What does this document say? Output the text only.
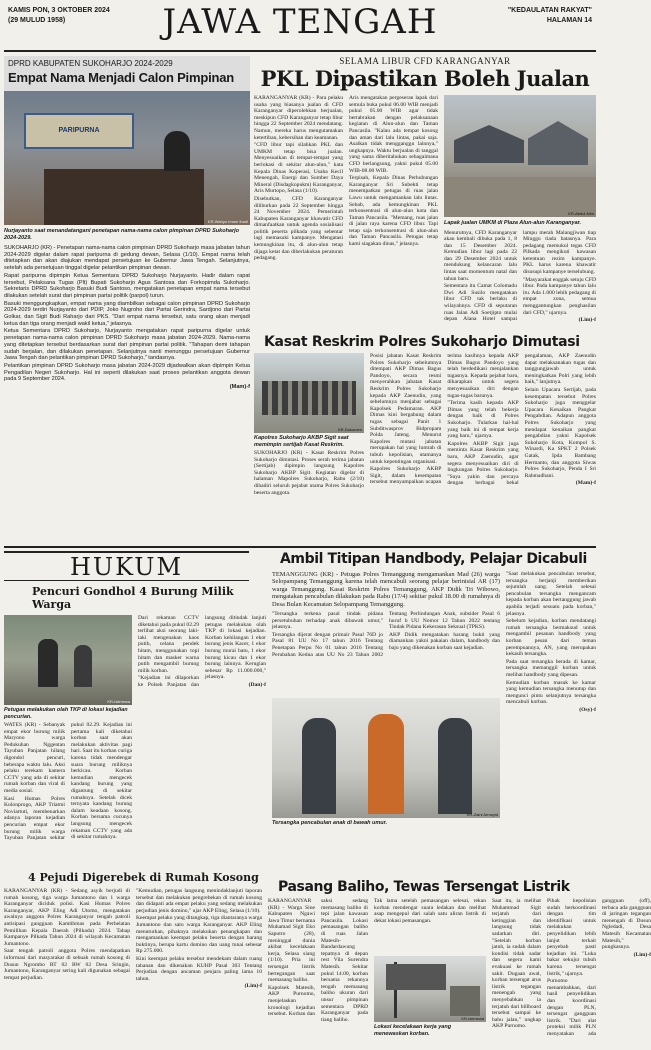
KAMIS PON, 3 OKTOBER 2024
(29 MULUD 1958)	JAWA TENGAH	"KEDAULATAN RAKYAT"
HALAMAN 14
DPRD KABUPATEN SUKOHARJO 2024-2029
Empat Nama Menjadi Calon Pimpinan
PARIPURNA
KR-Wahyu Imam Ibadi
Nurjayanto saat menandatangani penetapan nama-nama calon pimpinan DPRD Sukoharjo 2024-2029.

SUKOHARJO (KR) - Penetapan nama-nama calon pimpinan DPRD Sukoharjo masa jabatan tahun 2024-2029 digelar dalam rapat paripurna di gedung dewan, Selasa (1/10). Empat nama telah ditetapkan dan akan diajukan mendapat persetujuan ke Gubernur Jawa Tengah. Selanjutnya, setelah ada persetujuan tinggal digelar pelantikan pimpinan dewan.

Rapat paripurna dipimpin Ketua Sementara DPRD Sukoharjo Nurjayanto. Hadir dalam rapat tersebut, Pelaksana Tugas (Plt) Bupati Sukoharjo Agus Santosa dan Forkopimda Sukoharjo. Sekretaris DPRD Sukoharjo Basuki Budi Santoso, mengatakan penetapan empat nama tersebut dilakukan setelah surat dari pimpinan partai politik (parpol) turun.

Basuki menggungkapkan, empat nama yang diambilkan sebagai calon pimpinan DPRD Sukoharjo 2024-2029 terdiri Nurjayanto dari PDIP, Joko Nugroho dari Partai Gerindra, Sardjono dari Partai Golkar, dan Sigit Budi Raharjo dari PKS. "Dari empat nama tersebut, satu orang akan menjadi ketua dan tiga orang menjadi wakil ketua," jelasnya.

Ketua Sementara DPRD Sukoharjo, Nurjayanto mengatakan rapat paripurna digelar untuk penetapan nama-nama calon pimpinan DPRD Sukoharjo masa jabatan 2024-2029. Nama-nama yang ditetapkan tersebut berdasarkan surat dari pimpinan partai politik. "Tahapan demi tahapan sudah berjalan, dan dilakukan penetapan. Selanjutnya nanti menunggu persetujuan Gubernur Jawa Tengah dan pelantikan pimpinan DPRD Sukoharjo," tandasnya.

Pelantikan pimpinan DPRD Sukoharjo masa jabatan 2024-2029 dijadwalkan akan dipimpin Ketua Pengadilan Negeri Sukoharjo. Hal ini seperti dilakukan saat proses pelantikan anggota dewan pada 9 September 2024.

(Mam)-f

SELAMA LIBUR CFD KARANGANYAR
PKL Dipastikan Boleh Jualan

KARANGANYAR (KR) - Para pelaku usaha yang biasanya jualan di CFD Karanganyar diperolehkan berjualan, meskipun CFD Karanganyar tetap libur hingga 22 September 2024 mendatang. Namun, mereka harus mengutamakan ketertiban, kebersihan dan keamanan.

"CFD libur tapi silahkan PKL dan UMKM tetap bisa jualan. Menyesuaikan di tempat-tempat yang berlokasi di sekitar alun-alun," kata Kepala Dinas Koperasi, Usaha Kecil Menengah, Energi dan Sumber Daya Mineral (Disdagkopukm) Karanganyar, Aris Murtopo, Selasa (1/10).

Disebutkan, CFD Karanganyar diliburkan pada 22 September hingga 24 November 2024. Pemerintah Kabupaten Karanganyar khawatir CFD dimanfaatkan untuk agenda sosialisasi politik peserta pilkada yang sebentar lagi memasuki kampanye. Mengatasi kemungkinan itu, di alun-alun tetap dijaga ketat dan diberlakukan peraturan pedagang.

Aris mengatakan pergeseran lapak dari semula buka pukul 06.00 WIB menjadi pukul 05.00 WIB agar tidak bertabrakan dengan pelaksanaan kegiatan di Alun-alun dan Taman Pancasila. "Kalau ada tempat kosong dan aman dari lalu lintas, pakai saja. Asalkan tidak mengganggu lainnya," ungkapnya. Waktu berjualan di tanggal yang sama diberitahukan sebagaimana CFD berlangsung, yakni pukul 05.00 WIB-08.00 WIB.

Terpisah, Kepala Dinas Perhubungan Karanganyar Sri Subekti tetap menempatkan petugas di ruas jalan Lawu untuk mengamankan lalu lintas. Sebab, ada kemungkinan PKL terkonsentrasi di alun-alun kota dan Taman Pancasila. "Memang, ruas jalan di jalan raya karena CFD libur. Tapi tetap saja terkonsentrasi di alun-alun dan Taman Pancasila. Petugas tetap kami siagakan dinas," jelasnya.

KR-Abdul Alim
Lapak jualan UMKM di Plaza Alun-alun Karanganyar.

Menurutnya, CFD Karanganyar akan kembali dibuka pada 1, 8 dan 15 Desember 2024. Kemudian libur lagi pada 22 dan 29 Desember 2024 untuk mendukung kelancaran lalu lintas saat momentum natal dan tahun baru.

Sementara itu Camat Colomadu Dwi Adi Susilo mengatakan libur CFD tak berlaku di wilayahnya. CFD di seputaran ruas Jalan Adi Soetjipto mulai depan Alana Hotel sampai lampu merah Malangjiwan tiap Minggu tiada batasnya. Para pedagang memukul tegas CFD Pilkada mengikuti kawasan ketentuan rezim kampanye. PKL harus karena khawatir disusupi kampanye terselubung.

"Masyarakat enggak setuju CFD libur. Pada kampanye tahun lalu itu. Ada 1.000 lebih pedagang di empat zona, semua menggantungkan penghasilan dari CFD," ujarnya.

(Lim)-f

Kasat Reskrim Polres Sukoharjo Dimutasi
KR-Dokumen
Kapolres Sukoharjo AKBP Sigit saat memimpin sertijab Kasat Reskrim.

SUKOHARJO (KR) - Kasat Reskrim Polres Sukoharjo dimutasi. Proses serah terima jabatan (Sertijab) dipimpin langsung Kapolres Sukoharjo AKBP Sigit. Kegiatan digelar di halaman Mapolres Sukoharjo, Rabu (2/10) dihadiri seluruh pejabat utama Polres Sukoharjo beserta anggota.

Posisi jabatan Kasat Reskrim Polres Sukoharjo sebelumnya ditempati AKP Dimas Bagus Pandoyo, secara resmi menyerahkan jabatan Kasat Reskrim Polres Sukoharjo kepada AKP Zaenudin, yang sebelumnya menjabat sebagai Kapolsek Pedamaran. AKP Dimas kini bergabung dalam tugas sebagai Panit 1 Subditwasprov Bidpropam Polda Jateng. Menurut Kapolres mutasi jabatan merupakan hal yang lumrah di tubuh kepolisian, utamanya untuk kepentingan organisasi.

Kapolres Sukoharjo AKBP Sigit, dalam kesempatan tersebut menyampaikan ucapan terima kasihnya kepada AKP Dimas Bagus Pandoyo yang telah berdedikasi menjalankan tugasnya. Kepada pejabat baru, diharapkan untuk segera menyesuaikan diri dengan tugas-tugas barunya.

"Terima kasih kepada AKP Dimas yang telah bekerja dengan baik di Polres Sukoharjo. Tularkan hal-hal yang baik ini di tempat kerja yang baru," ujarnya.

Kapolres AKBP Sigit juga meminta Kasat Reskrim yang baru, AKP Zaenudin, agar segera menyesuaikan diri di lingkungan Polres Sukoharjo. "Saya yakin dan percaya dengan berbagai bekal pengalaman, AKP Zaenudin dapat melaksanakan tugas dan tanggungjawab untuk meningkatkan Polri yang lebih baik," lanjutnya.

Selain Upacara Sertijab, pada kesempatan tersebut Polres Sukoharjo juga menggelar Upacara Kenaikan Pangkat Pengabdian. Adapun anggota Polres Sukoharjo yang mendapat kenaikan pangkat pengabdian yakni Kapolsek Sukoharjo Kota, Kompol S. Winardi, Ka SPKT 2 Polsek Gatak, Ipda Bambang Hermanto, dan anggota Siwas Polres Sukoharjo, Penda I Sri Rahmadhani.

(Mam)-f

HUKUM
Pencuri Gondhol 4 Burung Milik Warga
KR-Istimewa
Petugas melakukan olah TKP di lokasi kejadian pencurian.

WATES (KR) - Sebanyak empat ekor burung milik Maryono warga Pedukuhan Nggentan Tayuban Panjatan hilang digondol pencuri, beberapa waktu lalu. Aksi pelaku terekam kamera CCTV yang ada di sekitar rumah korban dan viral di media sosial.

Kasi Humas Polres Kulonprogo, AKP Triatmi Noviartuti, membenarkan adanya laporan kejadian pencurian empat ekor burung milik warga Tayuban Panjatan sekitar pukul 02.29. Kejadian ini pertama kali diketahui korban saat akan melakukan aktivitas pagi hari. Saat itu korban curiga karena tidak mendengar suara burung miliknya berkicau. Korban kemudian mengecek kandang burung yang digantung di sekitar rumahnya. Setelah dicek ternyata kandang burung dalam keadaan kosong. Korban bersama cucunya langsung mengecek rekaman CCTV yang ada di sekitar rumahnya.

Dari rekaman CCTV diketahui pada pukul 02.29 terlihat aksi seorang laki-laki mengenakan kaos putih, celana pendek hitam, menggunakan topi hitam dan masker warna putih mengambil burung milik korban.

"Kejadian ini dilaporkan ke Polsek Panjatan dan langsung ditindak lanjuti petugas melakukan olah TKP di lokasi kejadian. Korban kehilangan 1 ekor burung jenis Kacer, 1 ekor burung murai batu, 1 ekor burung kicau dan 1 ekor burung lainnya. Kerugian sebesar Rp 11.000.000," jelasnya.

(Dan)-f

Ambil Titipan Handbody, Pelajar Dicabuli

TEMANGGUNG (KR) - Petugas Polres Temanggung mengamankan Mad (26) warga Selopampang Temanggung karena telah mencabuli seorang pelajar berinisial AR (17) warga Temanggung. Kasat Reskrim Polres Temanggung, AKP Didik Tri Wibowo, mengatakan pencabulan dilakukan pada Rabu (17/4) sekitar pukul 18.00 di rumahnya di Desa Bulan Kecamatan Selopampang Temanggung.

"Tersangka terkena pasal tindak pidana persetubuhan terhadap anak dibawah umur," jelasnya.

Tersangka dijerat dengan primair Pasal 76D jo Pasal 81 UU No 17 tahun 2016 Tentang Penetapan Perpu No 01 tahun 2016 Tentang Perubahan Kedua atas UU No 23 Tahun 2002 Tentang Perlindungan Anak, subsider Pasal 6 huruf b UU Nomor 12 Tahun 2022 tentang Tindak Pidana Kekerasan Seksual (TPKS).

AKP Didik mengatakan barang bukti yang diamankan yakni pakaian dalam, handbody dan baju yang dikenakan korban saat kejadian.

KR-Zaini Arrosyid
Tersangka pencabulan anak di bawah umur.

"Saat melakukan pencabulan tersebut, tersangka berjanji memberikan sejumlah uang. Setelah selesai pencabulan tersangka mengancam kepada korban akan bertanggung jawab apabila terjadi sesuatu pada korban," jelasnya.

Sebelum kejadian, korban mendatangi rumah tersangka bermaksud untuk mengambil pesanan handbody yang korban pesan dari teman perempuannya, AN, yang merupakan kekasih tersangka.

Pada saat tersangka berada di kamar, tersangka memanggil korban untuk melihat handbody yang dipesan.

Kemudian korban masuk ke kamar yang kemudian tersangka menutup dan mengunci pintu selanjutnya tersangka mencabuli korban.

(Osy)-f

4 Pejudi Digerebek di Rumah Kosong

KARANGANYAR (KR) - Sedang asyik berjudi di rumah kosong, tiga warga Jumantono dan 1 warga Karanganyar diciduk polisi. Kasi Humas Polres Karanganyar, AKP Eling Adi Utomo, mengatakan awalnya anggota Polres Karanganyar tengah patroli antisipasi gangguan Kamtibmas pada Perhelatan Pemilihan Kepala Daerah (Pilkada) 2024. Tahap Kampanye Pilkada Tahun 2024 di wilayah Kecamatan Jumantono.

Saat tengah patroli anggota Polres mendapatkan informasi dari masyarakat di sebuah rumah kosong di Dusun Ngrombo RT 02 RW 02 Desa Sringin, Jumantono, Karanganyar sering kali digunakan sebagai tempat perjudian.

"Kemudian, petugas langsung menindaklanjuti laporan tersebut dan melakukan pengrebekan di rumah kosong dan didapati ada empat pelaku yang sedang melakukan perjudian jenis domino," ujar AKP Eling, Selasa (1/10).

Keempat pelaku yang ditangkap, tiga diantaranya warga Jumantono dan satu warga Karanganyar. AKP Eling menuturkan, pihaknya melakukan penangkapan dan mengamankan keempat pelaku beserta dengan barang buktinya, berupa kartu domino dan uang tunai sebesar Rp 275.000.

Kini keempat pelaku tersebut mendekam dalam ruang tahanan dan dikenakan KUHP Pasal 303 Tentang Perjudian dengan ancaman penjara paling lama 10 tahun.

(Lim)-f

Pasang Baliho, Tewas Tersengat Listrik

KARANGANYAR (KR) - Warga Sine Kabupaten Ngawi Jawa Timur bernama Muhamad Sigit Eko Saputro (28), meninggal dunia akibat kecelakaan kerja, Selasa siang (1/10). Pria ini tersengat listrik bertegangan saat memasang baliho.

Kapolsek Matesih, AKP Purnomo, menjelaskan kronologi kejadian tersebut. Korban dan saksi sedang memasang baliho di tepi jalan kawasan Pancasila. Lokasi pemasangan baliho di ruas Jalan Matesih-Bandardawung tepatnya di depan rest Vila Surendra Matesih. Sekitar pukul 14.00, korban bersama rekannya tengah memasang baliho ukuran dari unsur pimpinan sementara DPRD Karanganyar pada tiang baliho.

Tak lama setelah pemasangan selesai, rekan korban mendengar suara ledakan dan melihat asap mengepul dari salah satu aliran listrik di dekat lokasi pemasangan.

KR-Istimewa
Lokasi kecelakaan kerja yang menewaskan korban.

Saat itu, ia melihat Muhammad Sigit terjatuh dari ketinggian dan langsung tidak sadarkan diri. "Setelah korban jatuh, ia sudah dalam kondisi tidak sadar dan segera kami evakuasi ke rumah sakit. Dugaan awal, korban tersengat arus listrik tegangan menengah yang menyebabkan ia terjatuh dari billboard tersebut sampai ke bahu jalan," ungkap AKP Purnomo.

Pihak kepolisian sudah berkoordinasi dengan tim identifikasi untuk melakukan penyelidikan lebih lanjut terkait penyebab pasti kejadian ini. "Luka bakar sekujur tubuh karena tersengat listrik," ujarnya.

Purnomo menambahkan, dari hasil penyelidikan dan koordinasi dengan PLN, tersengat gangguan listrik. "Dari alat proteksi milik PLN menyatakan ada gangguan (off), terbaca ada gangguan di jaringan tegangan menengah di Dusun Ngledadi, Desa Matesih Kecamatan Matesih," pungkasnya.

(Lim)-f
